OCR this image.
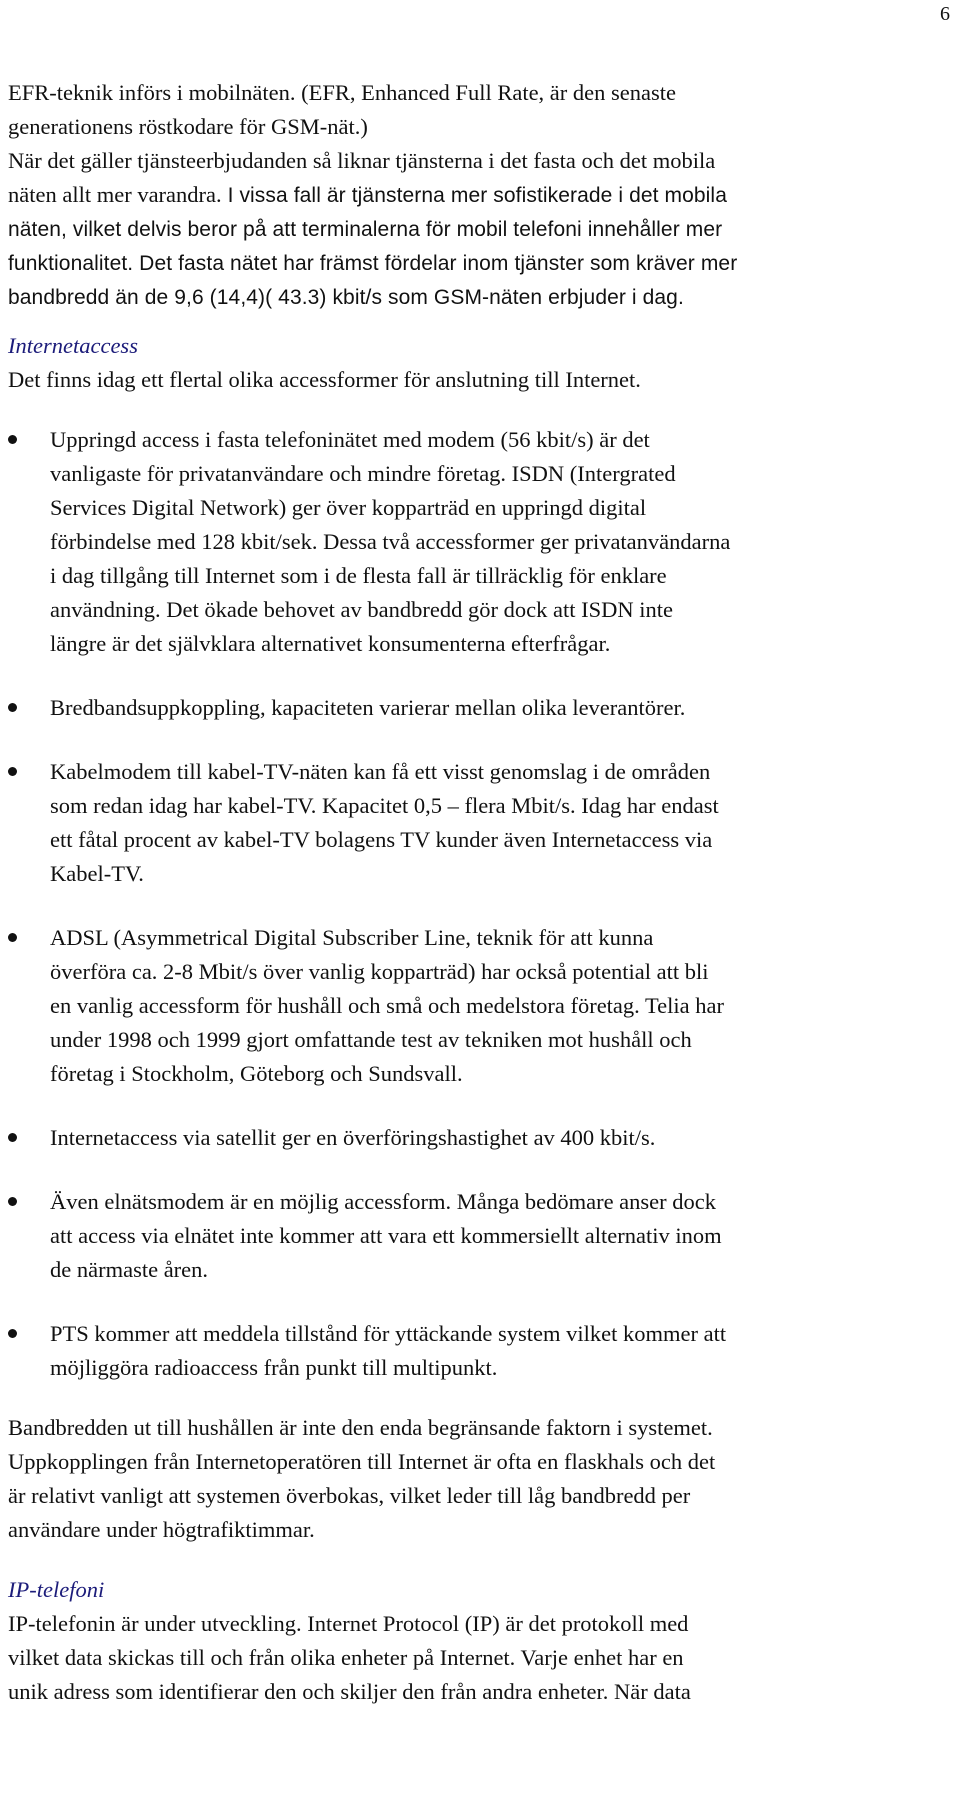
6
EFR-teknik införs i mobilnäten. (EFR, Enhanced Full Rate, är den senaste
generationens röstkodare för GSM-nät.)
När det gäller tjänsteerbjudanden så liknar tjänsterna i det fasta och det mobila
näten allt mer varandra. I vissa fall är tjänsterna mer sofistikerade i det mobila
näten, vilket delvis beror på att terminalerna för mobil telefoni innehåller mer
funktionalitet. Det fasta nätet har främst fördelar inom tjänster som kräver mer
bandbredd än de 9,6 (14,4)( 43.3) kbit/s som GSM-näten erbjuder i dag.
Internetaccess
Det finns idag ett flertal olika accessformer för anslutning till Internet.
Uppringd access i fasta telefoninätet med modem (56 kbit/s) är det
vanligaste för privatanvändare och mindre företag. ISDN (Intergrated
Services Digital Network) ger över kopparträd en uppringd digital
förbindelse med 128 kbit/sek. Dessa två accessformer ger privatanvändarna
i dag tillgång till Internet som i de flesta fall är tillräcklig för enklare
användning. Det ökade behovet av bandbredd gör dock att ISDN inte
längre är det självklara alternativet konsumenterna efterfrågar.
Bredbandsuppkoppling, kapaciteten varierar mellan olika leverantörer.
Kabelmodem till kabel-TV-näten kan få ett visst genomslag i de områden
som redan idag har kabel-TV. Kapacitet 0,5 – flera Mbit/s. Idag har endast
ett fåtal procent av kabel-TV bolagens TV kunder även Internetaccess via
Kabel-TV.
ADSL (Asymmetrical Digital Subscriber Line, teknik för att kunna
överföra ca. 2-8 Mbit/s över vanlig kopparträd) har också potential att bli
en vanlig accessform för hushåll och små och medelstora företag. Telia har
under 1998 och 1999 gjort omfattande test av tekniken mot hushåll och
företag i Stockholm, Göteborg och Sundsvall.
Internetaccess via satellit ger en överföringshastighet av 400 kbit/s.
Även elnätsmodem är en möjlig accessform. Många bedömare anser dock
att access via elnätet inte kommer att vara ett kommersiellt alternativ inom
de närmaste åren.
PTS kommer att meddela tillstånd för yttäckande system vilket kommer att
möjliggöra radioaccess från punkt till multipunkt.
Bandbredden ut till hushållen är inte den enda begränsande faktorn i systemet.
Uppkopplingen från Internetoperatören till Internet är ofta en flaskhals och det
är relativt vanligt att systemen överbokas, vilket leder till låg bandbredd per
användare under högtrafiktimmar.
IP-telefoni
IP-telefonin är under utveckling. Internet Protocol (IP) är det protokoll med
vilket data skickas till och från olika enheter på Internet. Varje enhet har en
unik adress som identifierar den och skiljer den från andra enheter. När data
